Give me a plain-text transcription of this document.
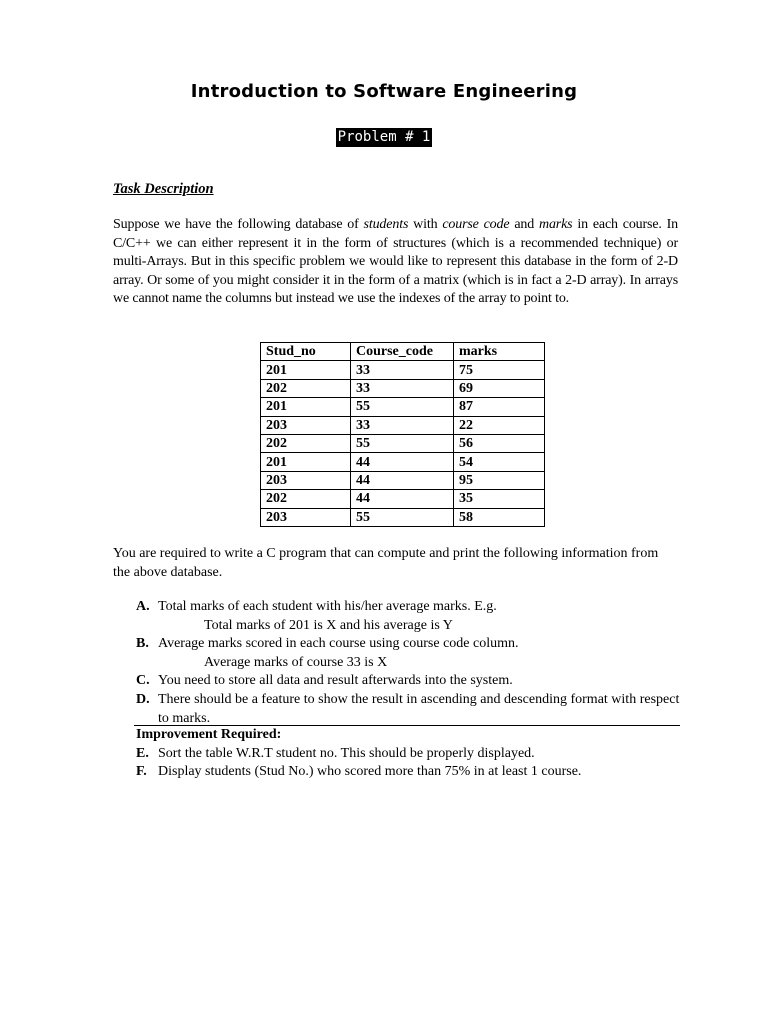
Introduction to Software Engineering
Problem # 1
Task Description
Suppose we have the following database of students with course code and marks in each course. In C/C++ we can either represent it in the form of structures (which is a recommended technique) or multi-Arrays. But in this specific problem we would like to represent this database in the form of 2-D array. Or some of you might consider it in the form of a matrix (which is in fact a 2-D array). In arrays we cannot name the columns but instead we use the indexes of the array to point to.
Stud_no	Course_code	marks
201	33	75
202	33	69
201	55	87
203	33	22
202	55	56
201	44	54
203	44	95
202	44	35
203	55	58
You are required to write a C program that can compute and print the following information from the above database.
A. Total marks of each student with his/her average marks. E.g.
Total marks of 201 is X and his average is Y
B. Average marks scored in each course using course code column.
Average marks of course 33 is X
C. You need to store all data and result afterwards into the system.
D. There should be a feature to show the result in ascending and descending format with respect to marks.
Improvement Required:
E. Sort the table W.R.T student no. This should be properly displayed.
F. Display students (Stud No.) who scored more than 75% in at least 1 course.
